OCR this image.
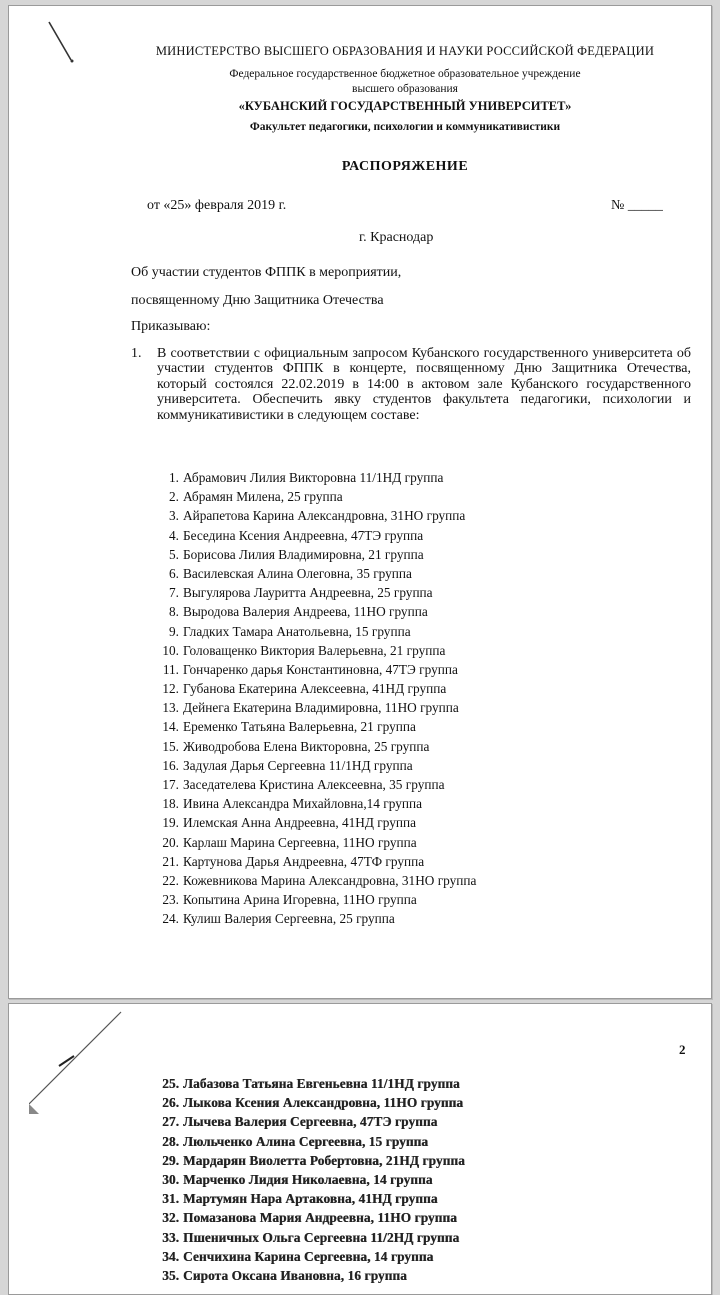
МИНИСТЕРСТВО ВЫСШЕГО ОБРАЗОВАНИЯ И НАУКИ РОССИЙСКОЙ ФЕДЕРАЦИИ
Федеральное государственное бюджетное образовательное учреждение
высшего образования
«КУБАНСКИЙ ГОСУДАРСТВЕННЫЙ УНИВЕРСИТЕТ»
Факультет педагогики, психологии и коммуникативистики
РАСПОРЯЖЕНИЕ
от «25» февраля 2019 г.	№ _____
г. Краснодар
Об участии студентов ФППК в мероприятии,
посвященному Дню Защитника Отечества
Приказываю:
1. В соответствии с официальным запросом Кубанского государственного университета об участии студентов ФППК в концерте, посвященному Дню Защитника Отечества, который состоялся 22.02.2019 в 14:00 в актовом зале Кубанского государственного университета. Обеспечить явку студентов факультета педагогики, психологии и коммуникативистики в следующем составе:
1. Абрамович Лилия Викторовна 11/1НД группа
2. Абрамян Милена, 25 группа
3. Айрапетова Карина Александровна, 31НО группа
4. Беседина Ксения Андреевна, 47ТЭ группа
5. Борисова Лилия Владимировна, 21 группа
6. Василевская Алина Олеговна, 35 группа
7. Выгулярова Лауритта Андреевна, 25 группа
8. Выродова Валерия Андреева, 11НО группа
9. Гладких Тамара Анатольевна, 15 группа
10. Головащенко Виктория Валерьевна, 21 группа
11. Гончаренко дарья Константиновна, 47ТЭ группа
12. Губанова Екатерина Алексеевна, 41НД группа
13. Дейнега Екатерина Владимировна, 11НО группа
14. Еременко Татьяна Валерьевна, 21 группа
15. Живодробова Елена Викторовна, 25 группа
16. Задулая Дарья Сергеевна 11/1НД группа
17. Заседателева Кристина Алексеевна, 35 группа
18. Ивина Александра Михайловна,14 группа
19. Илемская Анна Андреевна, 41НД группа
20. Карлаш Марина Сергеевна, 11НО группа
21. Картунова Дарья Андреевна, 47ТФ группа
22. Кожевникова Марина Александровна, 31НО группа
23. Копытина Арина Игоревна, 11НО группа
24. Кулиш Валерия Сергеевна, 25 группа
2
25. Лабазова Татьяна Евгеньевна 11/1НД группа
26. Лыкова Ксения Александровна, 11НО группа
27. Лычева Валерия Сергеевна, 47ТЭ группа
28. Люльченко Алина Сергеевна, 15 группа
29. Мардарян Виолетта Робертовна, 21НД группа
30. Марченко Лидия Николаевна, 14 группа
31. Мартумян Нара Артаковна, 41НД группа
32. Помазанова Мария Андреевна, 11НО группа
33. Пшеничных Ольга Сергеевна 11/2НД группа
34. Сенчихина Карина Сергеевна, 14 группа
35. Сирота Оксана Ивановна, 16 группа
